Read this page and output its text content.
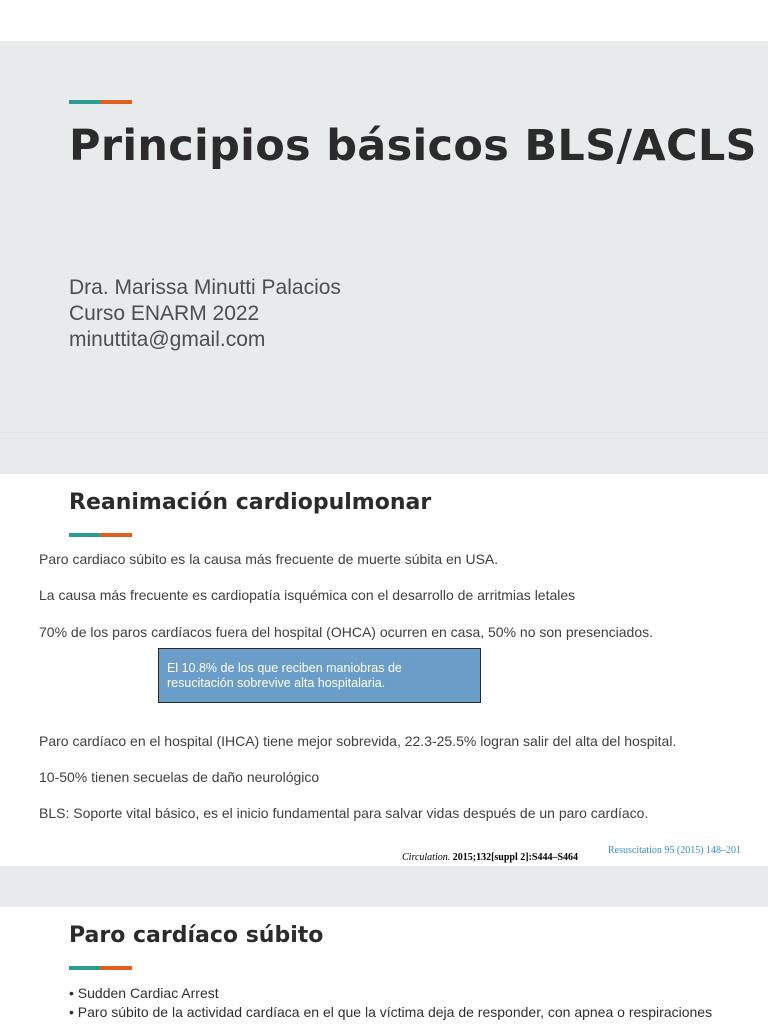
Principios básicos BLS/ACLS
Dra. Marissa Minutti Palacios
Curso ENARM 2022
minuttita@gmail.com
Reanimación cardiopulmonar

Paro cardiaco súbito es la causa más frecuente de muerte súbita en USA.

La causa más frecuente es cardiopatía isquémica con el desarrollo de arritmias letales

70% de los paros cardíacos fuera del hospital (OHCA) ocurren en casa, 50% no son presenciados.

El 10.8% de los que reciben maniobras de
resucitación sobrevive alta hospitalaria.

Paro cardíaco en el hospital (IHCA) tiene mejor sobrevida, 22.3-25.5% logran salir del alta del hospital.

10-50% tienen secuelas de daño neurológico

BLS: Soporte vital básico, es el inicio fundamental para salvar vidas después de un paro cardíaco.

Circulation. 2015;132[suppl 2]:S444–S464
Resuscitation 95 (2015) 148–201
Paro cardíaco súbito

• Sudden Cardiac Arrest

• Paro súbito de la actividad cardíaca en el que la víctima deja de responder, con apnea o respiraciones
